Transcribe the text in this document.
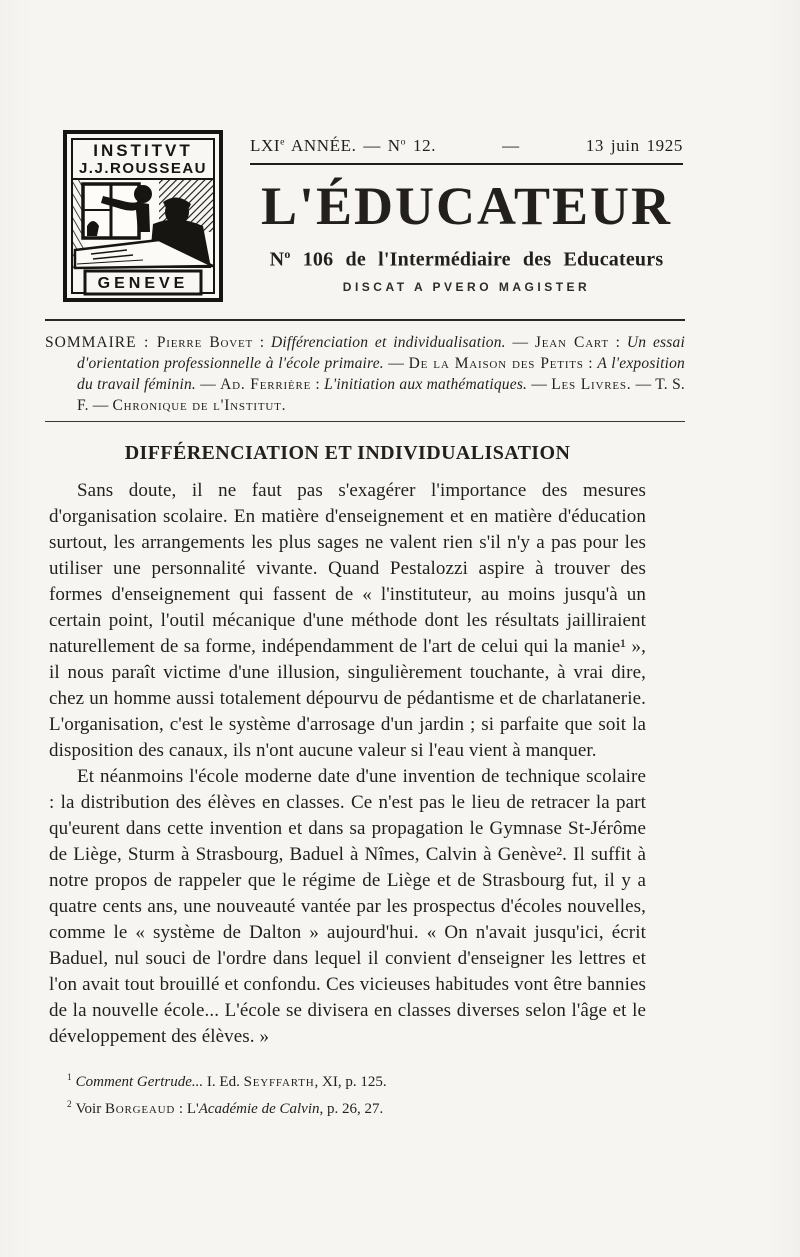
INSTITVT
J.J.ROUSSEAU
GENEVE
LXIe ANNÉE. — $N^o$ 12.	—	13 juin 1925
L'ÉDUCATEUR
$N^o$ 106 de l'Intermédiaire des Educateurs
DISCAT A PVERO MAGISTER
SOMMAIRE : Pierre Bovet : Différenciation et individualisation. — Jean Cart : Un essai d'orientation professionnelle à l'école primaire. — De la Maison des Petits : A l'exposition du travail féminin. — Ad. Ferrière : L'initiation aux mathématiques. — Les Livres. — T. S. F. — Chronique de l'Institut.
DIFFÉRENCIATION ET INDIVIDUALISATION

Sans doute, il ne faut pas s'exagérer l'importance des mesures d'organisation scolaire. En matière d'enseignement et en matière d'éducation surtout, les arrangements les plus sages ne valent rien s'il n'y a pas pour les utiliser une personnalité vivante. Quand Pestalozzi aspire à trouver des formes d'enseignement qui fassent de « l'instituteur, au moins jusqu'à un certain point, l'outil mécanique d'une méthode dont les résultats jailliraient naturellement de sa forme, indépendamment de l'art de celui qui la manie¹ », il nous paraît victime d'une illusion, singulièrement touchante, à vrai dire, chez un homme aussi totalement dépourvu de pédantisme et de charlatanerie. L'organisation, c'est le système d'arrosage d'un jardin ; si parfaite que soit la disposition des canaux, ils n'ont aucune valeur si l'eau vient à manquer.

Et néanmoins l'école moderne date d'une invention de technique scolaire : la distribution des élèves en classes. Ce n'est pas le lieu de retracer la part qu'eurent dans cette invention et dans sa propagation le Gymnase St-Jérôme de Liège, Sturm à Strasbourg, Baduel à Nîmes, Calvin à Genève². Il suffit à notre propos de rappeler que le régime de Liège et de Strasbourg fut, il y a quatre cents ans, une nouveauté vantée par les prospectus d'écoles nouvelles, comme le « système de Dalton » aujourd'hui. « On n'avait jusqu'ici, écrit Baduel, nul souci de l'ordre dans lequel il convient d'enseigner les lettres et l'on avait tout brouillé et confondu. Ces vicieuses habitudes vont être bannies de la nouvelle école... L'école se divisera en classes diverses selon l'âge et le développement des élèves. »

$^1$ Comment Gertrude... I. Ed. Seyffarth, XI, p. 125.
$^2$ Voir Borgeaud : L'Académie de Calvin, p. 26, 27.
